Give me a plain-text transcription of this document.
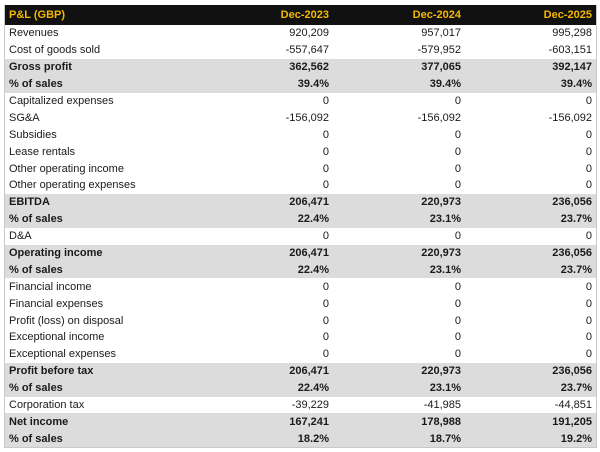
P&L (GBP)	Dec-2023	Dec-2024	Dec-2025
Revenues	920,209	957,017	995,298
Cost of goods sold	-557,647	-579,952	-603,151
Gross profit	362,562	377,065	392,147
% of sales	39.4%	39.4%	39.4%
Capitalized expenses	0	0	0
SG&A	-156,092	-156,092	-156,092
Subsidies	0	0	0
Lease rentals	0	0	0
Other operating income	0	0	0
Other operating expenses	0	0	0
EBITDA	206,471	220,973	236,056
% of sales	22.4%	23.1%	23.7%
D&A	0	0	0
Operating income	206,471	220,973	236,056
% of sales	22.4%	23.1%	23.7%
Financial income	0	0	0
Financial expenses	0	0	0
Profit (loss) on disposal	0	0	0
Exceptional income	0	0	0
Exceptional expenses	0	0	0
Profit before tax	206,471	220,973	236,056
% of sales	22.4%	23.1%	23.7%
Corporation tax	-39,229	-41,985	-44,851
Net income	167,241	178,988	191,205
% of sales	18.2%	18.7%	19.2%
